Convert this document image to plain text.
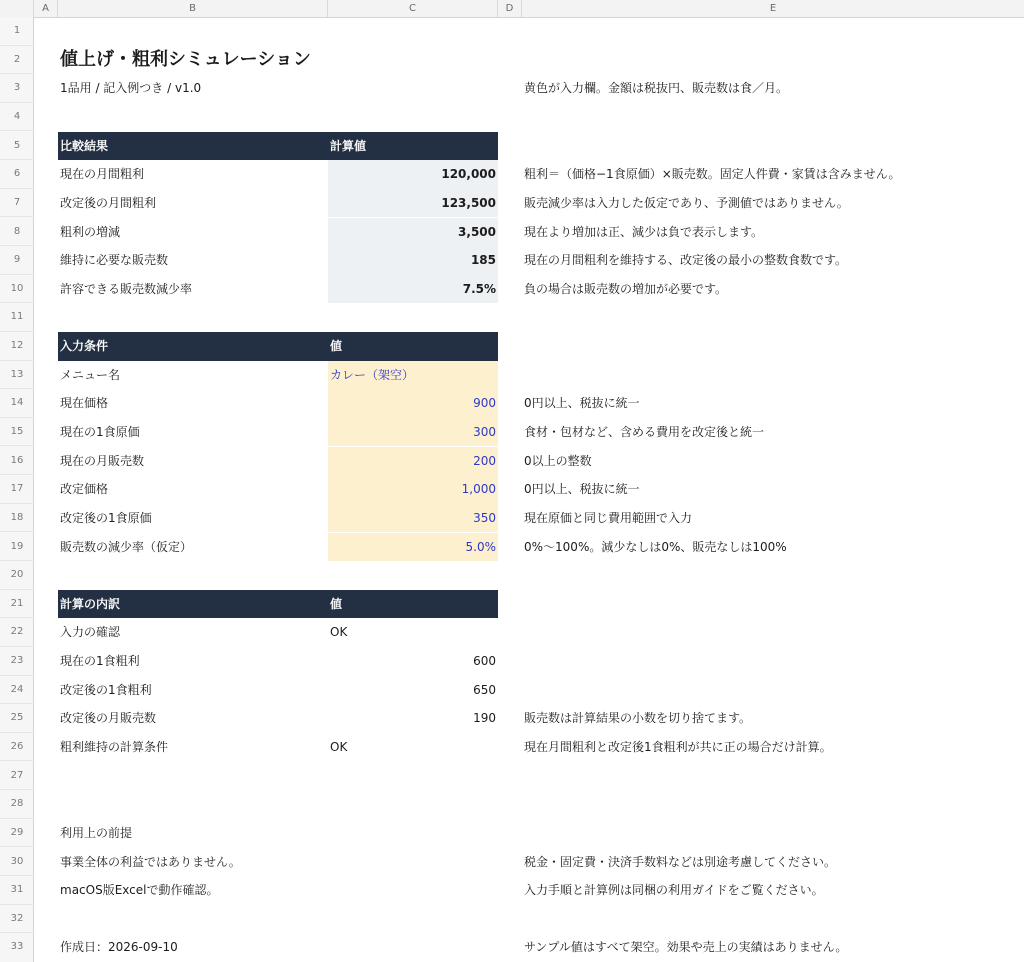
A	B	C	D	E
1
2
3
4
5
6
7
8
9
10
11
12
13
14
15
16
17
18
19
20
21
22
23
24
25
26
27
28
29
30
31
32
33
値上げ・粗利シミュレーション
1品用 / 記入例つき / v1.0	黄色が入力欄。金額は税抜円、販売数は食／月。
比較結果	計算値
現在の月間粗利	120,000 粗利＝（価格−1食原価）×販売数。固定人件費・家賃は含みません。
改定後の月間粗利	123,500 販売減少率は入力した仮定であり、予測値ではありません。
粗利の増減	3,500 現在より増加は正、減少は負で表示します。
維持に必要な販売数	185 現在の月間粗利を維持する、改定後の最小の整数食数です。
許容できる販売数減少率	7.5% 負の場合は販売数の増加が必要です。
入力条件	値
メニュー名	カレー（架空）
現在価格	900 0円以上、税抜に統一
現在の1食原価	300 食材・包材など、含める費用を改定後と統一
現在の月販売数	200 0以上の整数
改定価格	1,000 0円以上、税抜に統一
改定後の1食原価	350 現在原価と同じ費用範囲で入力
販売数の減少率（仮定）	5.0% 0%〜100%。減少なしは0%、販売なしは100%
計算の内訳	値
入力の確認	OK
現在の1食粗利	600
改定後の1食粗利	650
改定後の月販売数	190 販売数は計算結果の小数を切り捨てます。
粗利維持の計算条件	OK	現在月間粗利と改定後1食粗利が共に正の場合だけ計算。
利用上の前提
事業全体の利益ではありません。	税金・固定費・決済手数料などは別途考慮してください。
macOS版Excelで動作確認。	入力手順と計算例は同梱の利用ガイドをご覧ください。
作成日：2026-09-10	サンプル値はすべて架空。効果や売上の実績はありません。
